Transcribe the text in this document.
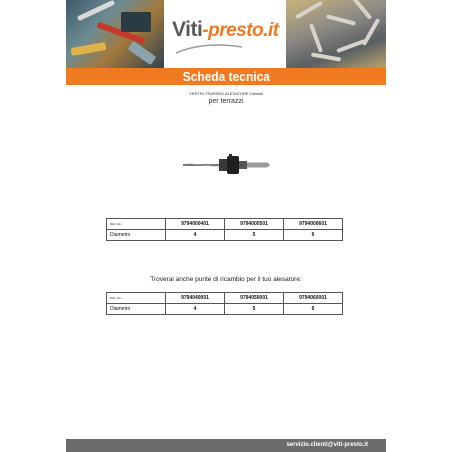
Viti-presto.it
Scheda tecnica
VERTRI-TRAPANO ALESATORE Utensili
per terrazzi
REF. EU	9794000401	9794000501	9794000601
Diametro	4	5	6
Troverai anche punte di ricambio per il tuo alesatore:
REF. EU	9794040001	9794050001	9794060001
Diametro	4	5	6
servizio.clienti@viti-presto.it
